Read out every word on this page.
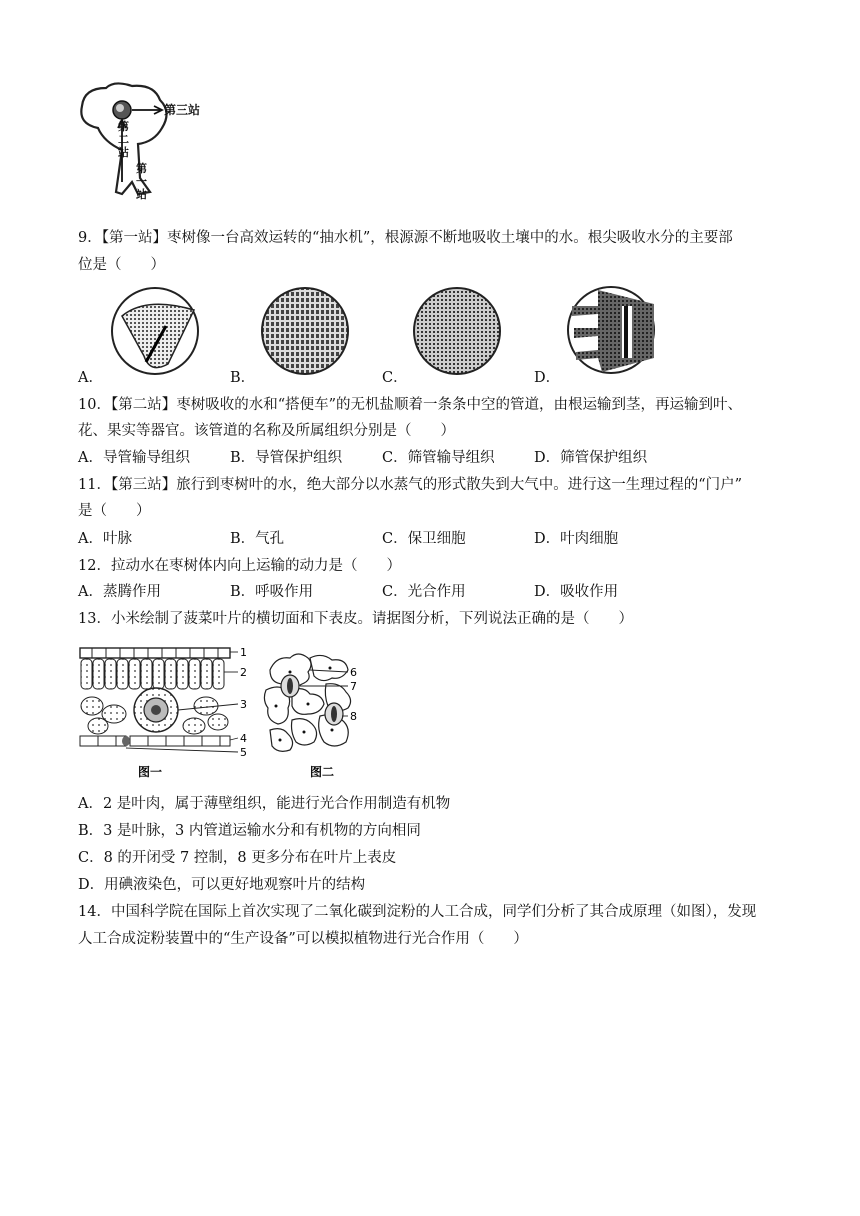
第三站
第
二
站
第
一
站
9．【第一站】枣树像一台高效运转的“抽水机”，根源源不断地吸收土壤中的水。根尖吸收水分的主要部
位是（　　）
A．	B．	C．	D．
10．【第二站】枣树吸收的水和“搭便车”的无机盐顺着一条条中空的管道，由根运输到茎，再运输到叶、
花、果实等器官。该管道的名称及所属组织分别是（　　）
A．导管输导组织	B．导管保护组织	C．筛管输导组织	D．筛管保护组织
11．【第三站】旅行到枣树叶的水，绝大部分以水蒸气的形式散失到大气中。进行这一生理过程的“门户”
是（　　）
A．叶脉	B．气孔	C．保卫细胞	D．叶肉细胞
12．拉动水在枣树体内向上运输的动力是（　　）
A．蒸腾作用	B．呼吸作用	C．光合作用	D．吸收作用
13．小米绘制了菠菜叶片的横切面和下表皮。请据图分析，下列说法正确的是（　　）
1
2
3
4
5
图一
6
7
8
图二
A．2 是叶肉，属于薄壁组织，能进行光合作用制造有机物
B．3 是叶脉，3 内管道运输水分和有机物的方向相同
C．8 的开闭受 7 控制，8 更多分布在叶片上表皮
D．用碘液染色，可以更好地观察叶片的结构
14．中国科学院在国际上首次实现了二氧化碳到淀粉的人工合成，同学们分析了其合成原理（如图），发现
人工合成淀粉装置中的“生产设备”可以模拟植物进行光合作用（　　）
